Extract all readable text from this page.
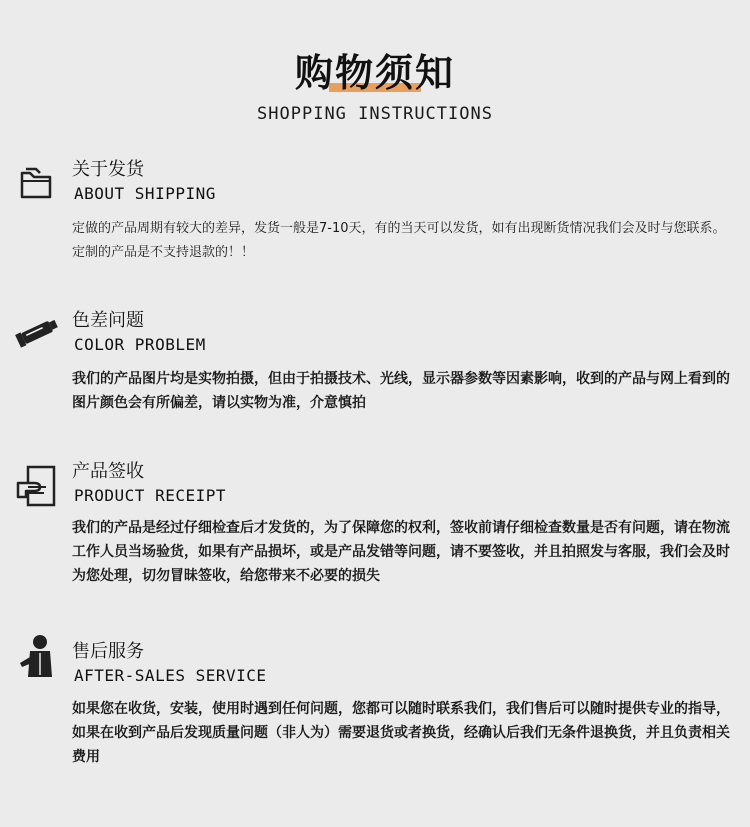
购物须知
SHOPPING INSTRUCTIONS
关于发货
ABOUT SHIPPING
定做的产品周期有较大的差异，发货一般是7-10天，有的当天可以发货，如有出现断货情况我们会及时与您联系。定制的产品是不支持退款的！！
色差问题
COLOR PROBLEM
我们的产品图片均是实物拍摄，但由于拍摄技术、光线，显示器参数等因素影响，收到的产品与网上看到的图片颜色会有所偏差，请以实物为准，介意慎拍
产品签收
PRODUCT RECEIPT
我们的产品是经过仔细检查后才发货的，为了保障您的权利，签收前请仔细检查数量是否有问题，请在物流工作人员当场验货，如果有产品损坏，或是产品发错等问题，请不要签收，并且拍照发与客服，我们会及时为您处理，切勿冒昧签收，给您带来不必要的损失
售后服务
AFTER-SALES SERVICE
如果您在收货，安装，使用时遇到任何问题，您都可以随时联系我们，我们售后可以随时提供专业的指导，如果在收到产品后发现质量问题（非人为）需要退货或者换货，经确认后我们无条件退换货，并且负责相关费用
